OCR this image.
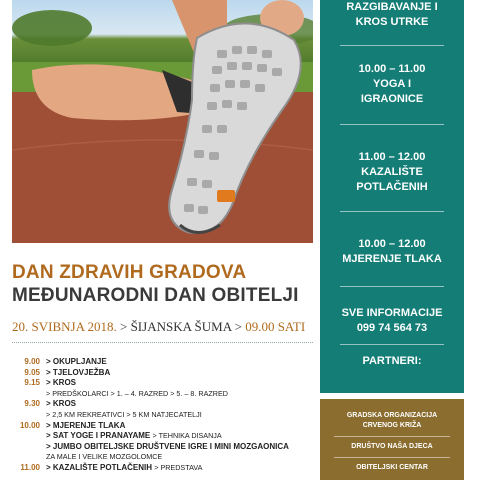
DAN ZDRAVIH GRADOVA
MEĐUNARODNI DAN OBITELJI
20. SVIBNJA 2018. > ŠIJANSKA ŠUMA > 09.00 SATI
9.00 > OKUPLJANJE
9.05 > TJELOVJEŽBA
9.15 > KROS
> PREDŠKOLARCI > 1. – 4. RAZRED > 5. – 8. RAZRED
9.30 > KROS
> 2,5 KM REKREATIVCI > 5 KM NATJECATELJI
10.00 > MJERENJE TLAKA
> SAT YOGE I PRANAYAME
> TEHNIKA DISANJA
> JUMBO OBITELJSKE DRUŠTVENE IGRE I MINI MOZGAONICA
ZA MALE I VELIKE MOZGOLOMCE
11.00 > KAZALIŠTE POTLAČENIH
> PREDSTAVA
RAZGIBAVANJE I
KROS UTRKE
10.00 – 11.00
YOGA I
IGRAONICE
11.00 – 12.00
KAZALIŠTE
POTLAČENIH
10.00 – 12.00
MJERENJE TLAKA
SVE INFORMACIJE
099 74 564 73
PARTNERI:
GRADSKA ORGANIZACIJA
CRVENOG KRIŽA
DRUŠTVO NAŠA DJECA
OBITELJSKI CENTAR
